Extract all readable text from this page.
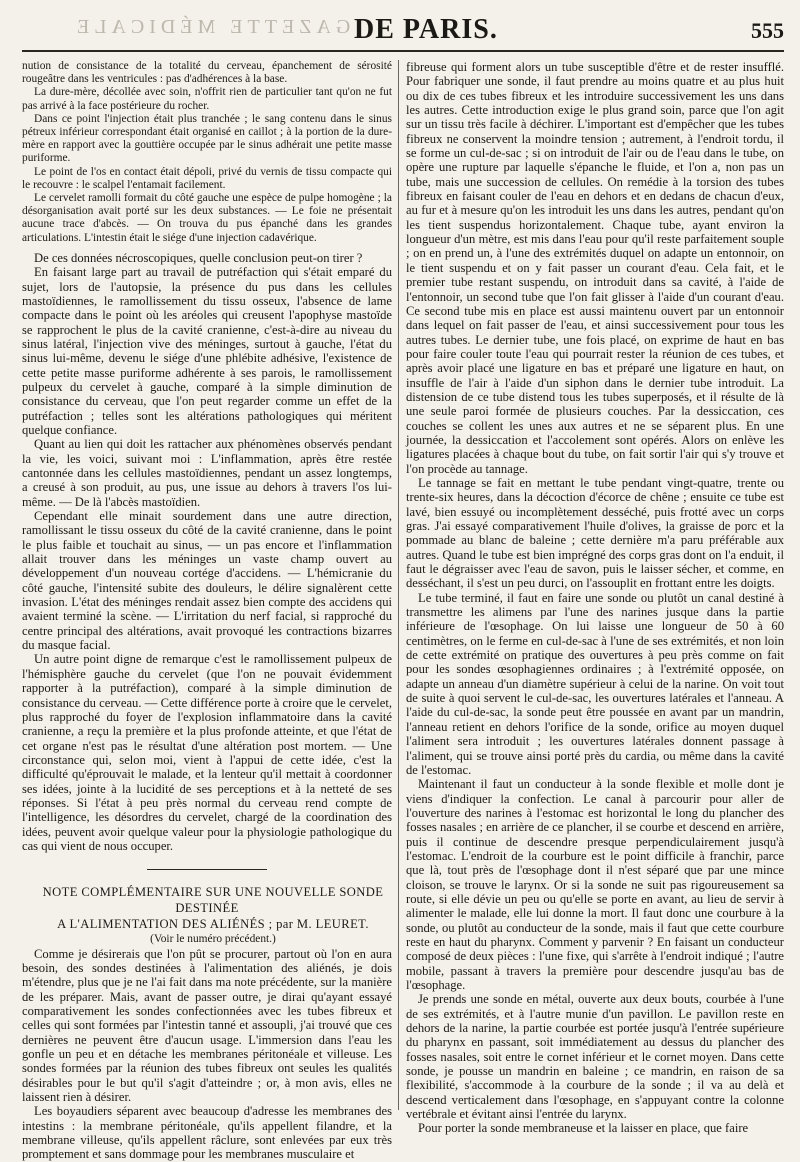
GAZETTE MÉDICALE DE PARIS.	555

nution de consistance de la totalité du cerveau, épanchement de sérosité rougeâtre dans les ventricules : pas d'adhérences à la base.

La dure-mère, décollée avec soin, n'offrit rien de particulier tant qu'on ne fut pas arrivé à la face postérieure du rocher.

Dans ce point l'injection était plus tranchée ; le sang contenu dans le sinus pétreux inférieur correspondant était organisé en caillot ; à la portion de la dure-mère en rapport avec la gouttière occupée par le sinus adhérait une petite masse puriforme.

Le point de l'os en contact était dépoli, privé du vernis de tissu compacte qui le recouvre : le scalpel l'entamait facilement.

Le cervelet ramolli formait du côté gauche une espèce de pulpe homogène ; la désorganisation avait porté sur les deux substances. — Le foie ne présentait aucune trace d'abcès. — On trouva du pus épanché dans les grandes articulations. L'intestin était le siége d'une injection cadavérique.

De ces données nécroscopiques, quelle conclusion peut-on tirer ?

En faisant large part au travail de putréfaction qui s'était emparé du sujet, lors de l'autopsie, la présence du pus dans les cellules mastoïdiennes, le ramollissement du tissu osseux, l'absence de lame compacte dans le point où les aréoles qui creusent l'apophyse mastoïde se rapprochent le plus de la cavité cranienne, c'est-à-dire au niveau du sinus latéral, l'injection vive des méninges, surtout à gauche, l'état du sinus lui-même, devenu le siége d'une phlébite adhésive, l'existence de cette petite masse puriforme adhérente à ses parois, le ramollissement pulpeux du cervelet à gauche, comparé à la simple diminution de consistance du cerveau, que l'on peut regarder comme un effet de la putréfaction ; telles sont les altérations pathologiques qui méritent quelque confiance.

Quant au lien qui doit les rattacher aux phénomènes observés pendant la vie, les voici, suivant moi : L'inflammation, après être restée cantonnée dans les cellules mastoïdiennes, pendant un assez longtemps, a creusé à son produit, au pus, une issue au dehors à travers l'os lui-même. — De là l'abcès mastoïdien.

Cependant elle minait sourdement dans une autre direction, ramollissant le tissu osseux du côté de la cavité cranienne, dans le point le plus faible et touchait au sinus, — un pas encore et l'inflammation allait trouver dans les méninges un vaste champ ouvert au développement d'un nouveau cortége d'accidens. — L'hémicranie du côté gauche, l'intensité subite des douleurs, le délire signalèrent cette invasion. L'état des méninges rendait assez bien compte des accidens qui avaient terminé la scène. — L'irritation du nerf facial, si rapproché du centre principal des altérations, avait provoqué les contractions bizarres du masque facial.

Un autre point digne de remarque c'est le ramollissement pulpeux de l'hémisphère gauche du cervelet (que l'on ne pouvait évidemment rapporter à la putréfaction), comparé à la simple diminution de consistance du cerveau. — Cette différence porte à croire que le cervelet, plus rapproché du foyer de l'explosion inflammatoire dans la cavité cranienne, a reçu la première et la plus profonde atteinte, et que l'état de cet organe n'est pas le résultat d'une altération post mortem. — Une circonstance qui, selon moi, vient à l'appui de cette idée, c'est la difficulté qu'éprouvait le malade, et la lenteur qu'il mettait à coordonner ses idées, jointe à la lucidité de ses perceptions et à la netteté de ses réponses. Si l'état à peu près normal du cerveau rend compte de l'intelligence, les désordres du cervelet, chargé de la coordination des idées, peuvent avoir quelque valeur pour la physiologie pathologique du cas qui vient de nous occuper.

NOTE COMPLÉMENTAIRE SUR UNE NOUVELLE SONDE DESTINÉE

A L'ALIMENTATION DES ALIÉNÉS ; par M. LEURET.

(Voir le numéro précédent.)

Comme je désirerais que l'on pût se procurer, partout où l'on en aura besoin, des sondes destinées à l'alimentation des aliénés, je dois m'étendre, plus que je ne l'ai fait dans ma note précédente, sur la manière de les préparer. Mais, avant de passer outre, je dirai qu'ayant essayé comparativement les sondes confectionnées avec les tubes fibreux et celles qui sont formées par l'intestin tanné et assoupli, j'ai trouvé que ces dernières ne peuvent être d'aucun usage. L'immersion dans l'eau les gonfle un peu et en détache les membranes péritonéale et villeuse. Les sondes formées par la réunion des tubes fibreux ont seules les qualités désirables pour le but qu'il s'agit d'atteindre ; or, à mon avis, elles ne laissent rien à désirer.

Les boyaudiers séparent avec beaucoup d'adresse les membranes des intestins : la membrane péritonéale, qu'ils appellent filandre, et la membrane villeuse, qu'ils appellent râclure, sont enlevées par eux très promptement et sans dommage pour les membranes musculaire et

fibreuse qui forment alors un tube susceptible d'être et de rester insufflé. Pour fabriquer une sonde, il faut prendre au moins quatre et au plus huit ou dix de ces tubes fibreux et les introduire successivement les uns dans les autres. Cette introduction exige le plus grand soin, parce que l'on agit sur un tissu très facile à déchirer. L'important est d'empêcher que les tubes fibreux ne conservent la moindre tension ; autrement, à l'endroit tordu, il se forme un cul-de-sac ; si on introduit de l'air ou de l'eau dans le tube, on opère une rupture par laquelle s'épanche le fluide, et l'on a, non pas un tube, mais une succession de cellules. On remédie à la torsion des tubes fibreux en faisant couler de l'eau en dehors et en dedans de chacun d'eux, au fur et à mesure qu'on les introduit les uns dans les autres, pendant qu'on les tient suspendus horizontalement. Chaque tube, ayant environ la longueur d'un mètre, est mis dans l'eau pour qu'il reste parfaitement souple ; on en prend un, à l'une des extrémités duquel on adapte un entonnoir, on le tient suspendu et on y fait passer un courant d'eau. Cela fait, et le premier tube restant suspendu, on introduit dans sa cavité, à l'aide de l'entonnoir, un second tube que l'on fait glisser à l'aide d'un courant d'eau. Ce second tube mis en place est aussi maintenu ouvert par un entonnoir dans lequel on fait passer de l'eau, et ainsi successivement pour tous les autres tubes. Le dernier tube, une fois placé, on exprime de haut en bas pour faire couler toute l'eau qui pourrait rester la réunion de ces tubes, et après avoir placé une ligature en bas et préparé une ligature en haut, on insuffle de l'air à l'aide d'un siphon dans le dernier tube introduit. La distension de ce tube distend tous les tubes superposés, et il résulte de là une seule paroi formée de plusieurs couches. Par la dessiccation, ces couches se collent les unes aux autres et ne se séparent plus. En une journée, la dessiccation et l'accolement sont opérés. Alors on enlève les ligatures placées à chaque bout du tube, on fait sortir l'air qui s'y trouve et l'on procède au tannage.

Le tannage se fait en mettant le tube pendant vingt-quatre, trente ou trente-six heures, dans la décoction d'écorce de chêne ; ensuite ce tube est lavé, bien essuyé ou incomplètement desséché, puis frotté avec un corps gras. J'ai essayé comparativement l'huile d'olives, la graisse de porc et la pommade au blanc de baleine ; cette dernière m'a paru préférable aux autres. Quand le tube est bien imprégné des corps gras dont on l'a enduit, il faut le dégraisser avec l'eau de savon, puis le laisser sécher, et comme, en desséchant, il s'est un peu durci, on l'assouplit en frottant entre les doigts.

Le tube terminé, il faut en faire une sonde ou plutôt un canal destiné à transmettre les alimens par l'une des narines jusque dans la partie inférieure de l'œsophage. On lui laisse une longueur de 50 à 60 centimètres, on le ferme en cul-de-sac à l'une de ses extrémités, et non loin de cette extrémité on pratique des ouvertures à peu près comme on fait pour les sondes œsophagiennes ordinaires ; à l'extrémité opposée, on adapte un anneau d'un diamètre supérieur à celui de la narine. On voit tout de suite à quoi servent le cul-de-sac, les ouvertures latérales et l'anneau. A l'aide du cul-de-sac, la sonde peut être poussée en avant par un mandrin, l'anneau retient en dehors l'orifice de la sonde, orifice au moyen duquel l'aliment sera introduit ; les ouvertures latérales donnent passage à l'aliment, qui se trouve ainsi porté près du cardia, ou même dans la cavité de l'estomac.

Maintenant il faut un conducteur à la sonde flexible et molle dont je viens d'indiquer la confection. Le canal à parcourir pour aller de l'ouverture des narines à l'estomac est horizontal le long du plancher des fosses nasales ; en arrière de ce plancher, il se courbe et descend en arrière, puis il continue de descendre presque perpendiculairement jusqu'à l'estomac. L'endroit de la courbure est le point difficile à franchir, parce que là, tout près de l'œsophage dont il n'est séparé que par une mince cloison, se trouve le larynx. Or si la sonde ne suit pas rigoureusement sa route, si elle dévie un peu ou qu'elle se porte en avant, au lieu de servir à alimenter le malade, elle lui donne la mort. Il faut donc une courbure à la sonde, ou plutôt au conducteur de la sonde, mais il faut que cette courbure reste en haut du pharynx. Comment y parvenir ? En faisant un conducteur composé de deux pièces : l'une fixe, qui s'arrête à l'endroit indiqué ; l'autre mobile, passant à travers la première pour descendre jusqu'au bas de l'œsophage.

Je prends une sonde en métal, ouverte aux deux bouts, courbée à l'une de ses extrémités, et à l'autre munie d'un pavillon. Le pavillon reste en dehors de la narine, la partie courbée est portée jusqu'à l'entrée supérieure du pharynx en passant, soit immédiatement au dessus du plancher des fosses nasales, soit entre le cornet inférieur et le cornet moyen. Dans cette sonde, je pousse un mandrin en baleine ; ce mandrin, en raison de sa flexibilité, s'accommode à la courbure de la sonde ; il va au delà et descend verticalement dans l'œsophage, en s'appuyant contre la colonne vertébrale et évitant ainsi l'entrée du larynx.

Pour porter la sonde membraneuse et la laisser en place, que faire
